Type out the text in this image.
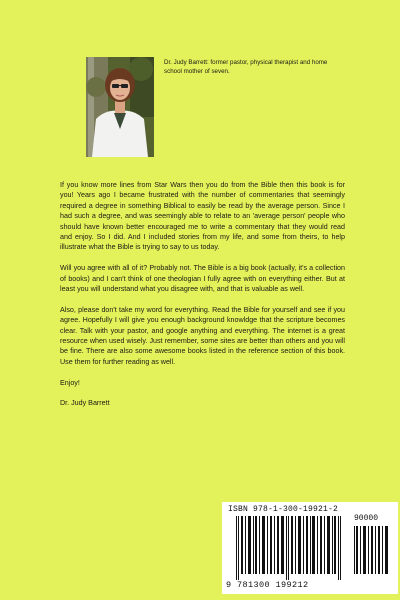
Dr. Judy Barrett: former pastor, physical therapist and home school mother of seven.

If you know more lines from Star Wars then you do from the Bible then this book is for you! Years ago I became frustrated with the number of commentaries that seemingly required a degree in something Biblical to easily be read by the average person. Since I had such a degree, and was seemingly able to relate to an 'average person' people who should have known better encouraged me to write a commentary that they would read and enjoy. So I did. And I included stories from my life, and some from theirs, to help illustrate what the Bible is trying to say to us today.

Will you agree with all of it? Probably not. The Bible is a big book (actually, it's a collection of books) and I can't think of one theologian I fully agree with on everything either. But at least you will understand what you disagree with, and that is valuable as well.

Also, please don't take my word for everything. Read the Bible for yourself and see if you agree. Hopefully I will give you enough background knowldge that the scripture becomes clear. Talk with your pastor, and google anything and everything. The internet is a great resource when used wisely. Just remember, some sites are better than others and you will be fine. There are also some awesome books listed in the reference section of this book. Use them for further reading as well.

Enjoy!

Dr. Judy Barrett

ISBN 978-1-300-19921-2
90000
9 781300 199212
